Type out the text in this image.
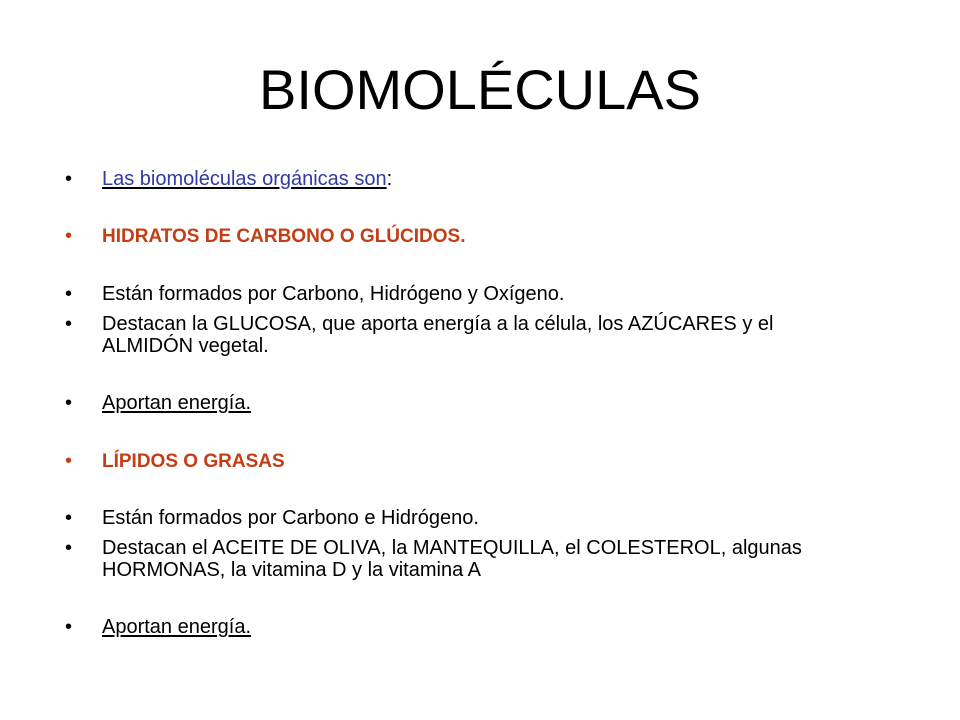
BIOMOLÉCULAS
• Las biomoléculas orgánicas son:
• HIDRATOS DE CARBONO O GLÚCIDOS.
• Están formados por Carbono, Hidrógeno y Oxígeno.
• Destacan la GLUCOSA, que aporta energía a la célula, los AZÚCARES y el ALMIDÓN vegetal.
• Aportan energía.
• LÍPIDOS O GRASAS
• Están formados por Carbono e Hidrógeno.
• Destacan el ACEITE DE OLIVA, la MANTEQUILLA, el COLESTEROL, algunas HORMONAS, la vitamina D y la vitamina A
• Aportan energía.
